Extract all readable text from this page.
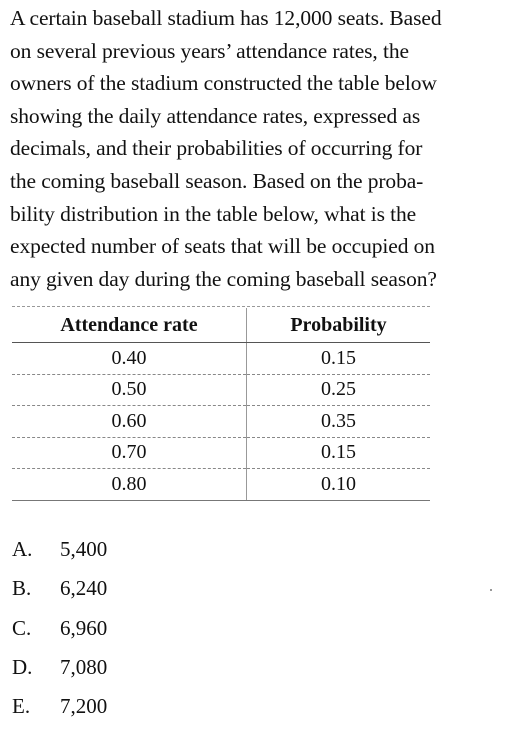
A certain baseball stadium has 12,000 seats. Based
on several previous years’ attendance rates, the
owners of the stadium constructed the table below
showing the daily attendance rates, expressed as
decimals, and their probabilities of occurring for
the coming baseball season. Based on the proba-
bility distribution in the table below, what is the
expected number of seats that will be occupied on
any given day during the coming baseball season?

Attendance rate	Probability
0.40	0.15
0.50	0.25
0.60	0.35
0.70	0.15
0.80	0.10
A. 5,400
B. 6,240
C. 6,960
D. 7,080
E. 7,200
